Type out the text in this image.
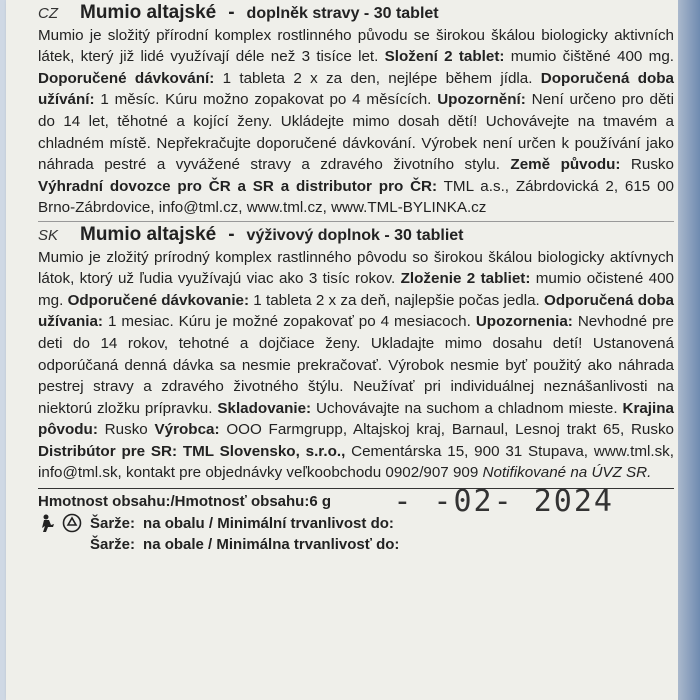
CZ	Mumio altajské - doplněk stravy - 30 tablet

Mumio je složitý přírodní komplex rostlinného původu se širokou škálou biologicky aktivních látek, který již lidé využívají déle než 3 tisíce let. Složení 2 tablet: mumio čištěné 400 mg. Doporučené dávkování: 1 tableta 2 x za den, nejlépe během jídla. Doporučená doba užívání: 1 měsíc. Kúru možno zopakovat po 4 měsících. Upozornění: Není určeno pro děti do 14 let, těhotné a kojící ženy. Ukládejte mimo dosah dětí! Uchovávejte na tmavém a chladném místě. Nepřekračujte doporučené dávkování. Výrobek není určen k používání jako náhrada pestré a vyvážené stravy a zdravého životního stylu. Země původu: Rusko Výhradní dovozce pro ČR a SR a distributor pro ČR: TML a.s., Zábrdovická 2, 615 00 Brno-Zábrdovice, info@tml.cz, www.tml.cz, www.TML-BYLINKA.cz

SK	Mumio altajské - výživový doplnok - 30 tabliet

Mumio je zložitý prírodný komplex rastlinného pôvodu so širokou škálou biologicky aktívnych látok, ktorý už ľudia využívajú viac ako 3 tisíc rokov. Zloženie 2 tabliet: mumio očistené 400 mg. Odporučené dávkovanie: 1 tableta 2 x za deň, najlepšie počas jedla. Odporučená doba užívania: 1 mesiac. Kúru je možné zopakovať po 4 mesiacoch. Upozornenia: Nevhodné pre deti do 14 rokov, tehotné a dojčiace ženy. Ukladajte mimo dosahu detí! Ustanovená odporúčaná denná dávka sa nesmie prekračovať. Výrobok nesmie byť použitý ako náhrada pestrej stravy a zdravého životného štýlu. Neužívať pri individuálnej neznášanlivosti na niektorú zložku prípravku. Skladovanie: Uchovávajte na suchom a chladnom mieste. Krajina pôvodu: Rusko Výrobca: OOO Farmgrupp, Altajskoj kraj, Barnaul, Lesnoj trakt 65, Rusko Distribútor pre SR: TML Slovensko, s.r.o., Cementárska 15, 900 31 Stupava, www.tml.sk, info@tml.sk, kontakt pre objednávky veľkoobchodu 0902/907 909 Notifikované na ÚVZ SR.

Hmotnost obsahu:/Hmotnosť obsahu:6 g - -02- 2024
Šarže: na obalu / Minimální trvanlivost do:
Šarže: na obale / Minimálna trvanlivosť do:
